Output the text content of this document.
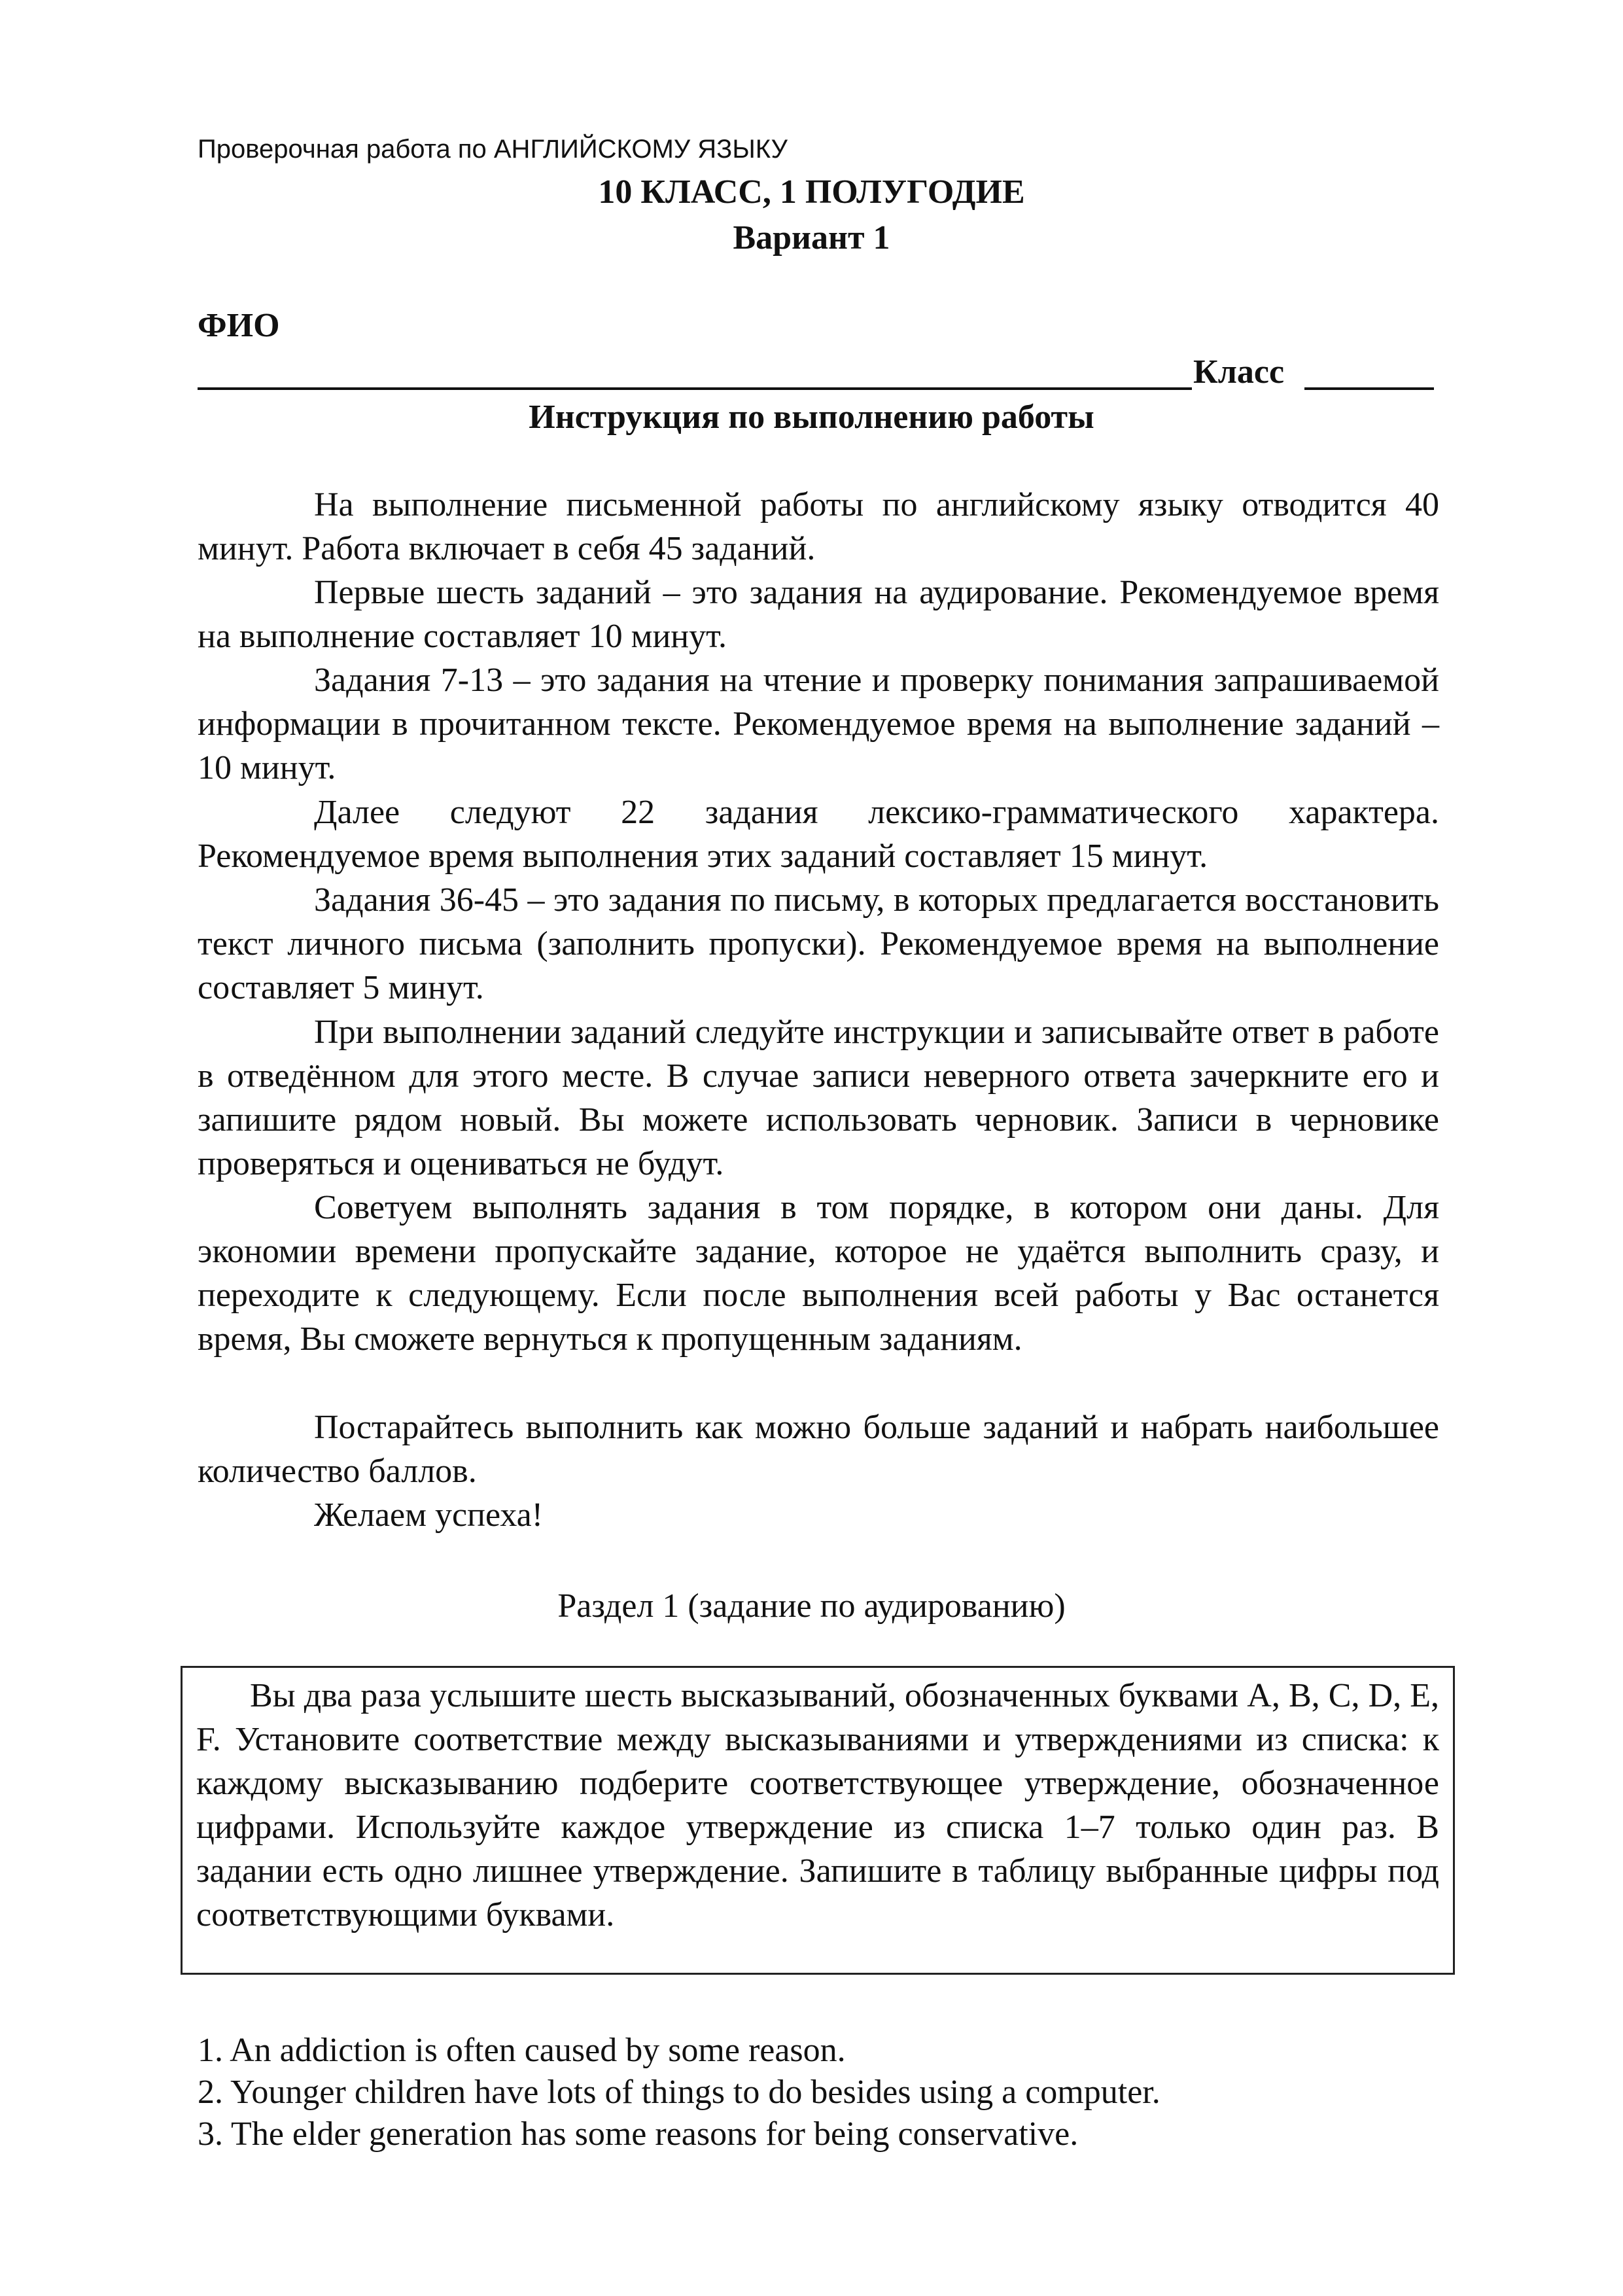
Проверочная работа по АНГЛИЙСКОМУ ЯЗЫКУ
10 КЛАСС, 1 ПОЛУГОДИЕ
Вариант 1
ФИО
Класс
Инструкция по выполнению работы

На выполнение письменной работы по английскому языку отводится 40 минут. Работа включает в себя 45 заданий.

Первые шесть заданий – это задания на аудирование. Рекомендуемое время на выполнение составляет 10 минут.

Задания 7-13 – это задания на чтение и проверку понимания запрашиваемой информации в прочитанном тексте. Рекомендуемое время на выполнение заданий – 10 минут.

Далее следуют 22 задания лексико-грамматического характера. Рекомендуемое время выполнения этих заданий составляет 15 минут.

Задания 36-45 – это задания по письму, в которых предлагается восстановить текст личного письма (заполнить пропуски). Рекомендуемое время на выполнение составляет 5 минут.

При выполнении заданий следуйте инструкции и записывайте ответ в работе в отведённом для этого месте. В случае записи неверного ответа зачеркните его и запишите рядом новый. Вы можете использовать черновик. Записи в черновике проверяться и оцениваться не будут.

Советуем выполнять задания в том порядке, в котором они даны. Для экономии времени пропускайте задание, которое не удаётся выполнить сразу, и переходите к следующему. Если после выполнения всей работы у Вас останется время, Вы сможете вернуться к пропущенным заданиям.

Постарайтесь выполнить как можно больше заданий и набрать наибольшее количество баллов.

Желаем успеха!

Раздел 1 (задание по аудированию)

Вы два раза услышите шесть высказываний, обозначенных буквами A, B, C, D, E, F. Установите соответствие между высказываниями и утверждениями из списка: к каждому высказыванию подберите соответствующее утверждение, обозначенное цифрами. Используйте каждое утверждение из списка 1–7 только один раз. В задании есть одно лишнее утверждение. Запишите в таблицу выбранные цифры под соответствующими буквами.

1. An addiction is often caused by some reason.
2. Younger children have lots of things to do besides using a computer.
3. The elder generation has some reasons for being conservative.
